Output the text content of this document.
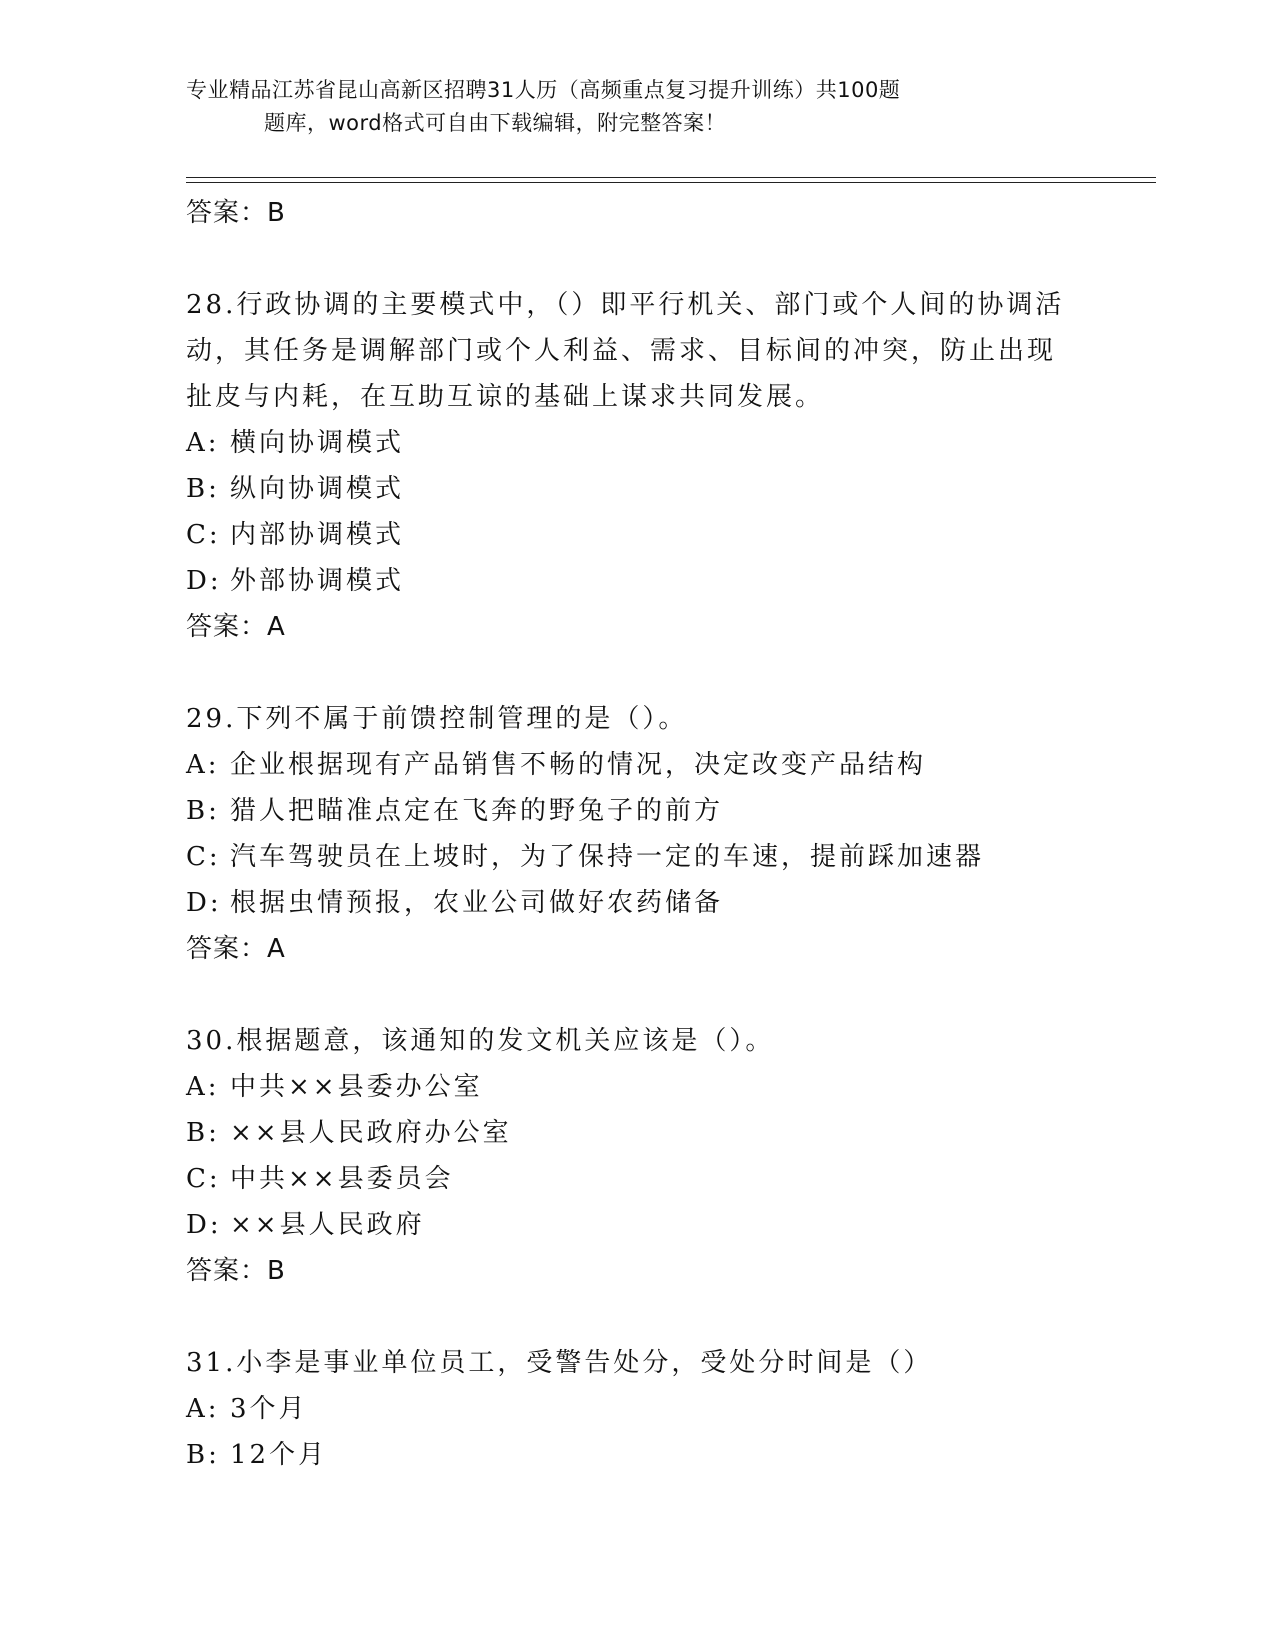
专业精品江苏省昆山高新区招聘31人历（高频重点复习提升训练）共100题
题库，word格式可自由下载编辑，附完整答案！
答案：B
28.行政协调的主要模式中，（）即平行机关、部门或个人间的协调活
动，其任务是调解部门或个人利益、需求、目标间的冲突，防止出现
扯皮与内耗，在互助互谅的基础上谋求共同发展。
A: 横向协调模式
B: 纵向协调模式
C: 内部协调模式
D: 外部协调模式
答案：A
29.下列不属于前馈控制管理的是（）。
A: 企业根据现有产品销售不畅的情况，决定改变产品结构
B: 猎人把瞄准点定在飞奔的野兔子的前方
C: 汽车驾驶员在上坡时，为了保持一定的车速，提前踩加速器
D: 根据虫情预报，农业公司做好农药储备
答案：A
30.根据题意，该通知的发文机关应该是（）。
A: 中共××县委办公室
B: ××县人民政府办公室
C: 中共××县委员会
D: ××县人民政府
答案：B
31.小李是事业单位员工，受警告处分，受处分时间是（）
A: 3个月
B: 12个月
